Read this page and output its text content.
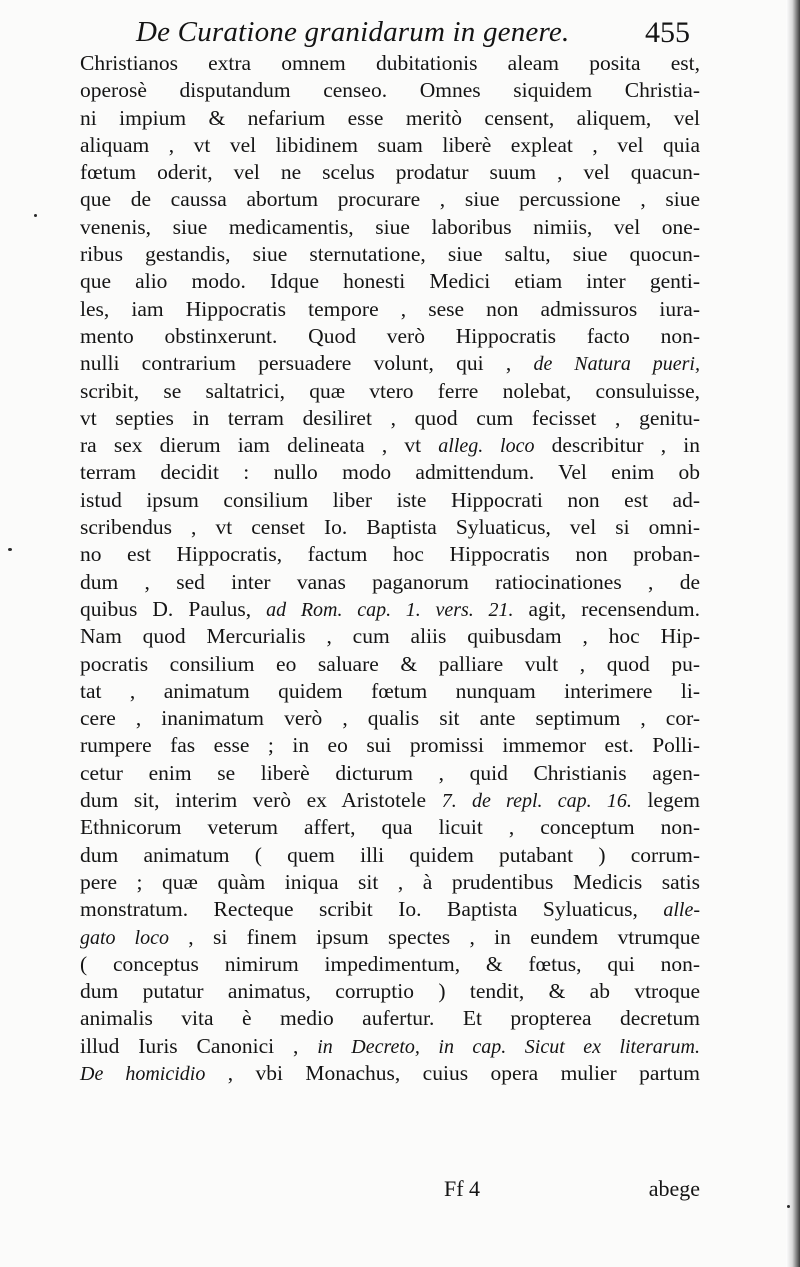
De Curatione granidarum in genere.	455
Christianos extra omnem dubitationis aleam posita est,
operosè disputandum censeo. Omnes siquidem Christia-
ni impium & nefarium esse meritò censent, aliquem, vel
aliquam , vt vel libidinem suam liberè expleat , vel quia
fœtum oderit, vel ne scelus prodatur suum , vel quacun-
que de caussa abortum procurare , siue percussione , siue
venenis, siue medicamentis, siue laboribus nimiis, vel one-
ribus gestandis, siue sternutatione, siue saltu, siue quocun-
que alio modo. Idque honesti Medici etiam inter genti-
les, iam Hippocratis tempore , sese non admissuros iura-
mento obstinxerunt. Quod verò Hippocratis facto non-
nulli contrarium persuadere volunt, qui , de Natura pueri,
scribit, se saltatrici, quæ vtero ferre nolebat, consuluisse,
vt septies in terram desiliret , quod cum fecisset , genitu-
ra sex dierum iam delineata , vt alleg. loco describitur , in
terram decidit : nullo modo admittendum. Vel enim ob
istud ipsum consilium liber iste Hippocrati non est ad-
scribendus , vt censet Io. Baptista Syluaticus, vel si omni-
no est Hippocratis, factum hoc Hippocratis non proban-
dum , sed inter vanas paganorum ratiocinationes , de
quibus D. Paulus, ad Rom. cap. 1. vers. 21. agit, recensendum.
Nam quod Mercurialis , cum aliis quibusdam , hoc Hip-
pocratis consilium eo saluare & palliare vult , quod pu-
tat , animatum quidem fœtum nunquam interimere li-
cere , inanimatum verò , qualis sit ante septimum , cor-
rumpere fas esse ; in eo sui promissi immemor est. Polli-
cetur enim se liberè dicturum , quid Christianis agen-
dum sit, interim verò ex Aristotele 7. de repl. cap. 16. legem
Ethnicorum veterum affert, qua licuit , conceptum non-
dum animatum ( quem illi quidem putabant ) corrum-
pere ; quæ quàm iniqua sit , à prudentibus Medicis satis
monstratum. Recteque scribit Io. Baptista Syluaticus, alle-
gato loco , si finem ipsum spectes , in eundem vtrumque
( conceptus nimirum impedimentum, & fœtus, qui non-
dum putatur animatus, corruptio ) tendit, & ab vtroque
animalis vita è medio aufertur. Et propterea decretum
illud Iuris Canonici , in Decreto, in cap. Sicut ex literarum.
De homicidio , vbi Monachus, cuius opera mulier partum
Ff 4	abege
